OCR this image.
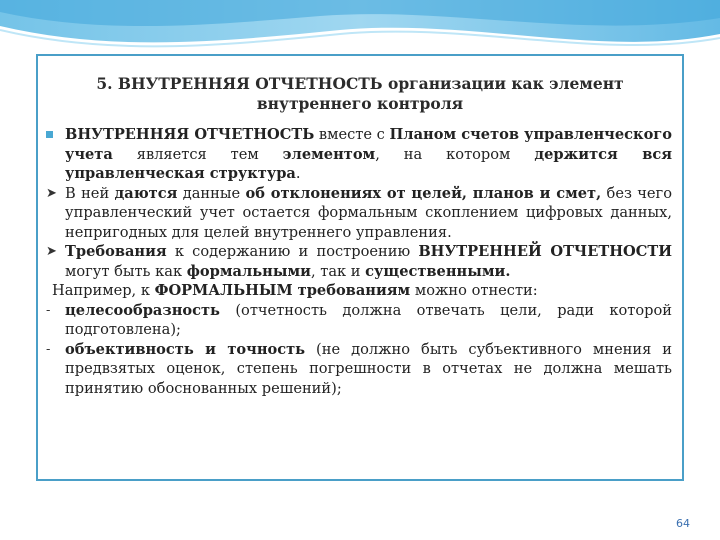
5. ВНУТРЕННЯЯ ОТЧЕТНОСТЬ организации как элемент
внутреннего контроля
ВНУТРЕННЯЯ ОТЧЕТНОСТЬ вместе с Планом счетов управленческого учета является тем элементом, на котором держится вся управленческая структура.
➤ В ней даются данные об отклонениях от целей, планов и смет, без чего управленческий учет остается формальным скоплением цифровых данных, непригодных для целей внутреннего управления.
➤ Требования к содержанию и построению ВНУТРЕННЕЙ ОТЧЕТНОСТИ могут быть как формальными, так и существенными.
Например, к ФОРМАЛЬНЫМ требованиям можно отнести:
- целесообразность (отчетность должна отвечать цели, ради которой подготовлена);
- объективность и точность (не должно быть субъективного мнения и предвзятых оценок, степень погрешности в отчетах не должна мешать принятию обоснованных решений);
64
